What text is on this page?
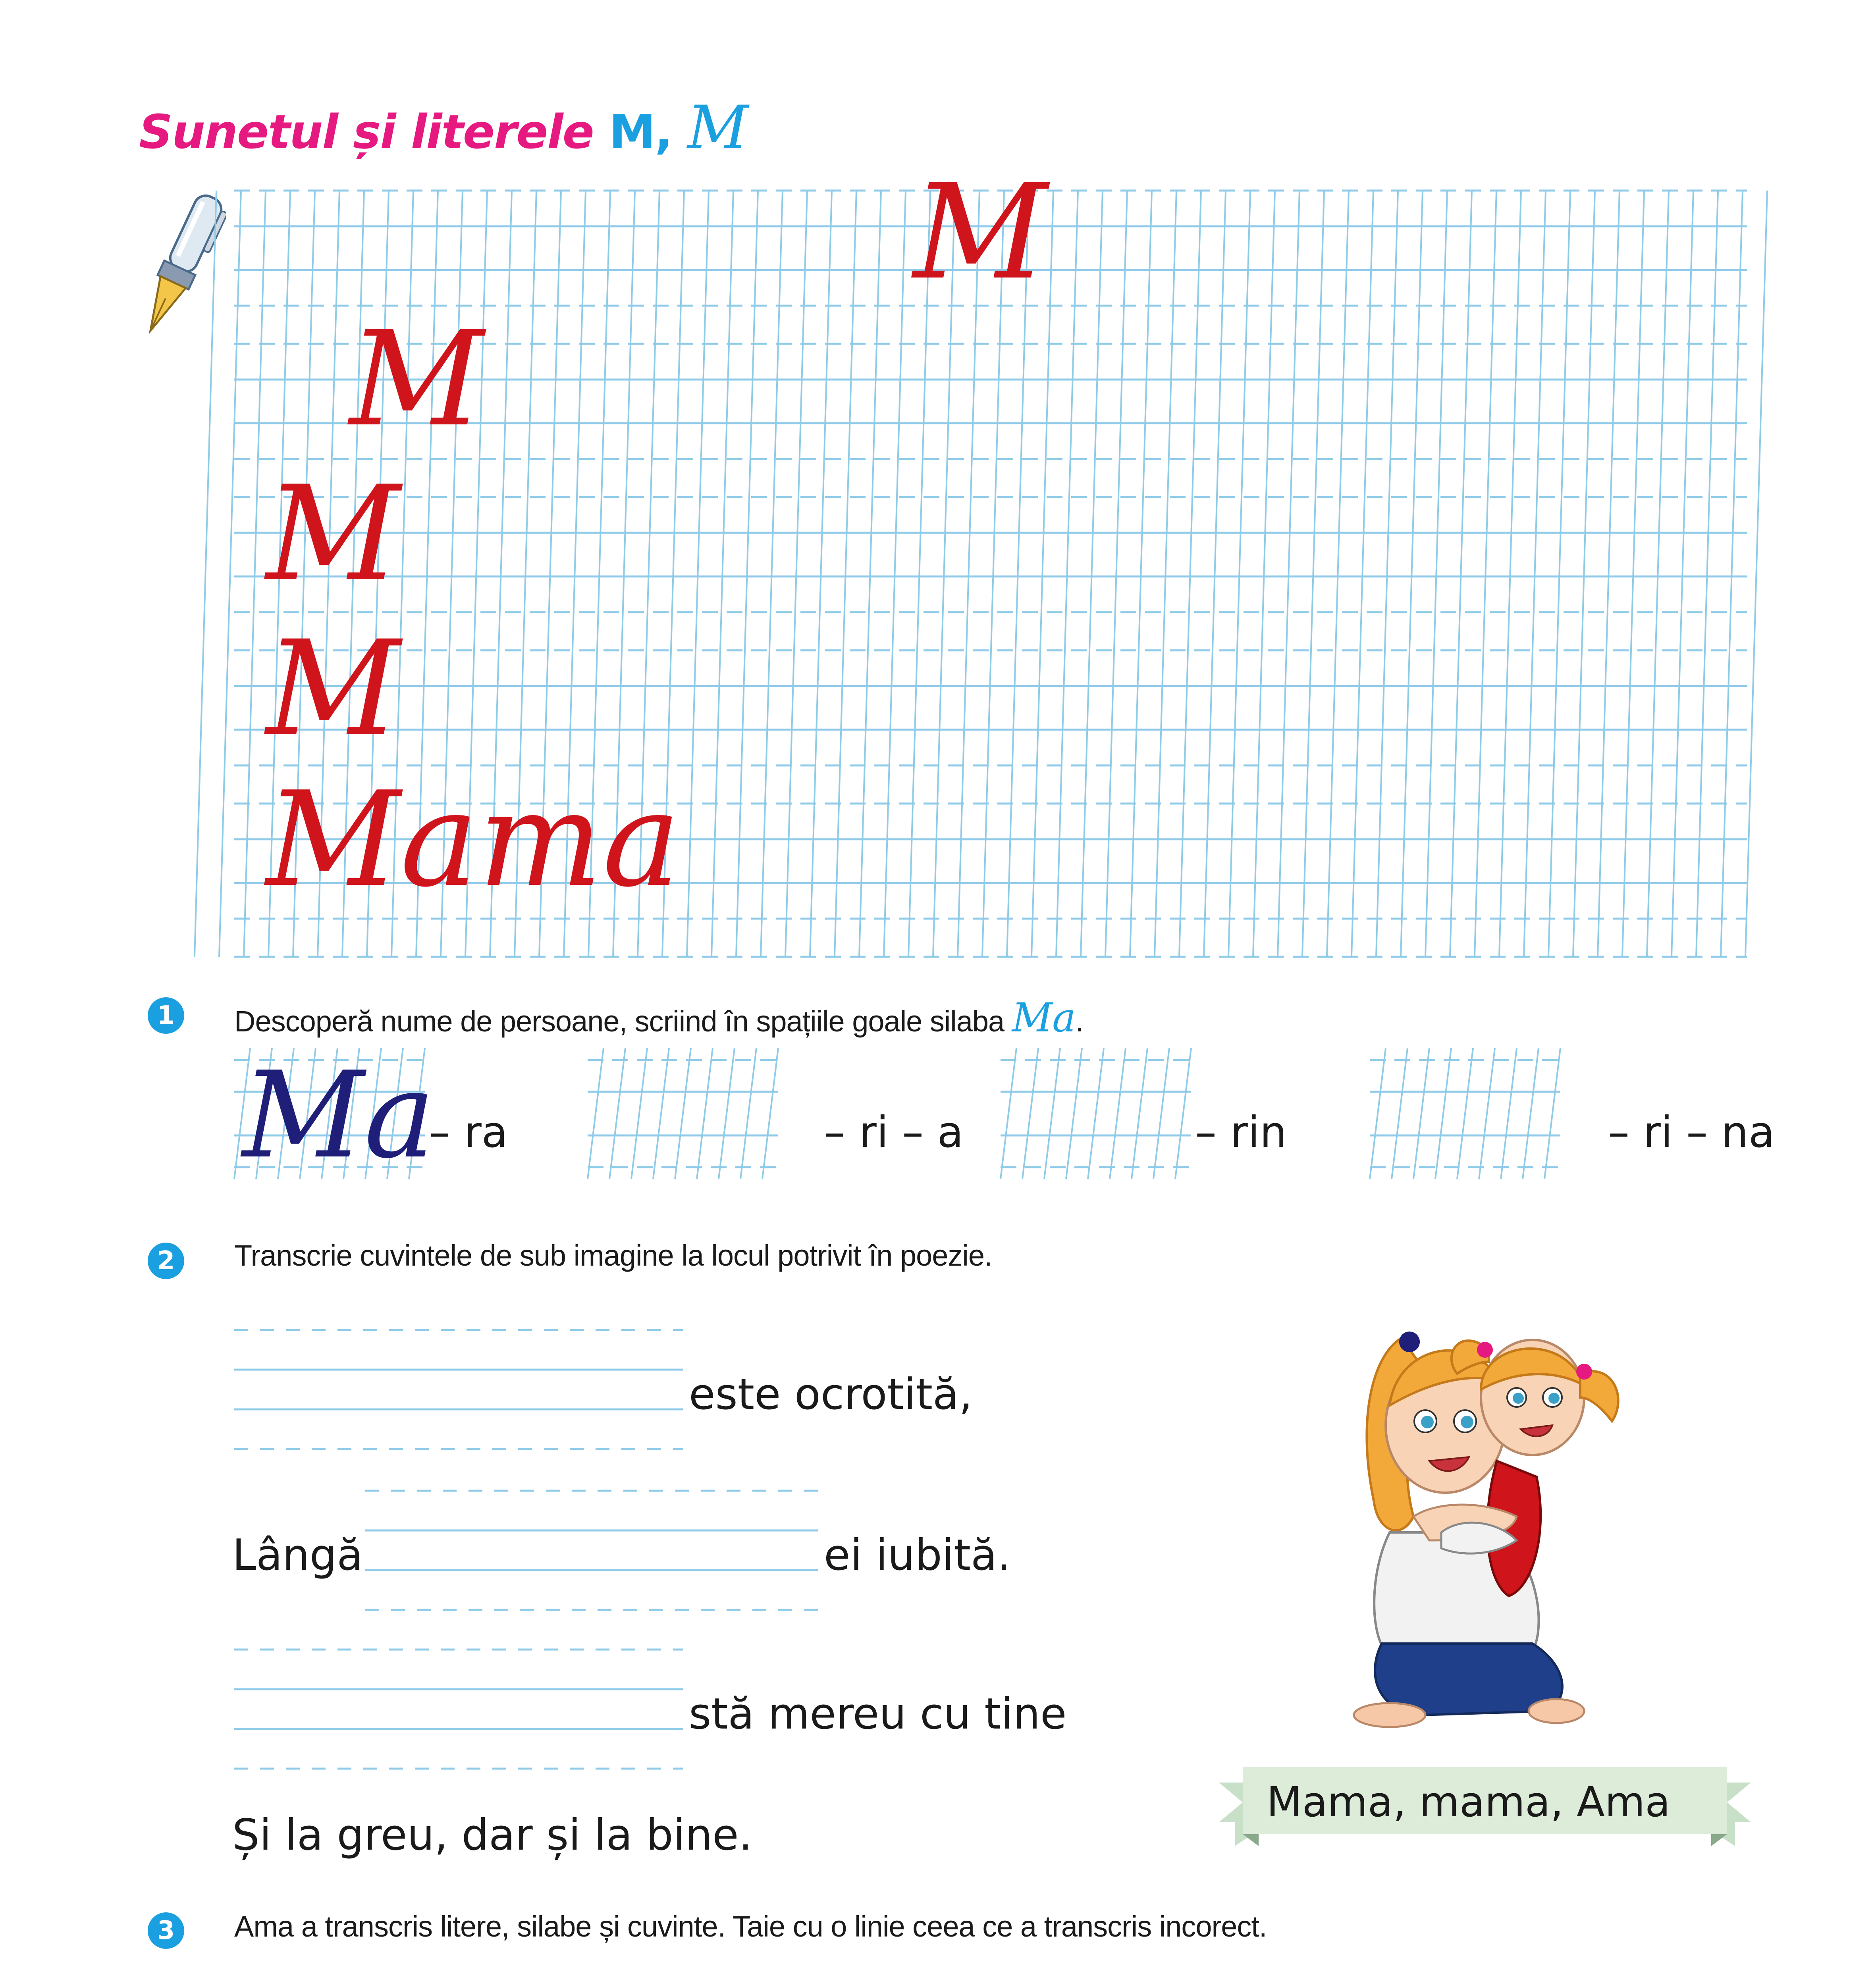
Sunetul și literele M, M
M
M
M
M
Mama
1	Descoperă nume de persoane, scriind în spațiile goale silaba Ma.
Ma
– ra	– ri – a	– rin	– ri – na
2	Transcrie cuvintele de sub imagine la locul potrivit în poezie.
este ocrotită,
Lângă	ei iubită.
stă mereu cu tine
Și la greu, dar și la bine.
Mama, mama, Ama
3	Ama a transcris litere, silabe și cuvinte. Taie cu o linie ceea ce a transcris incorect.
